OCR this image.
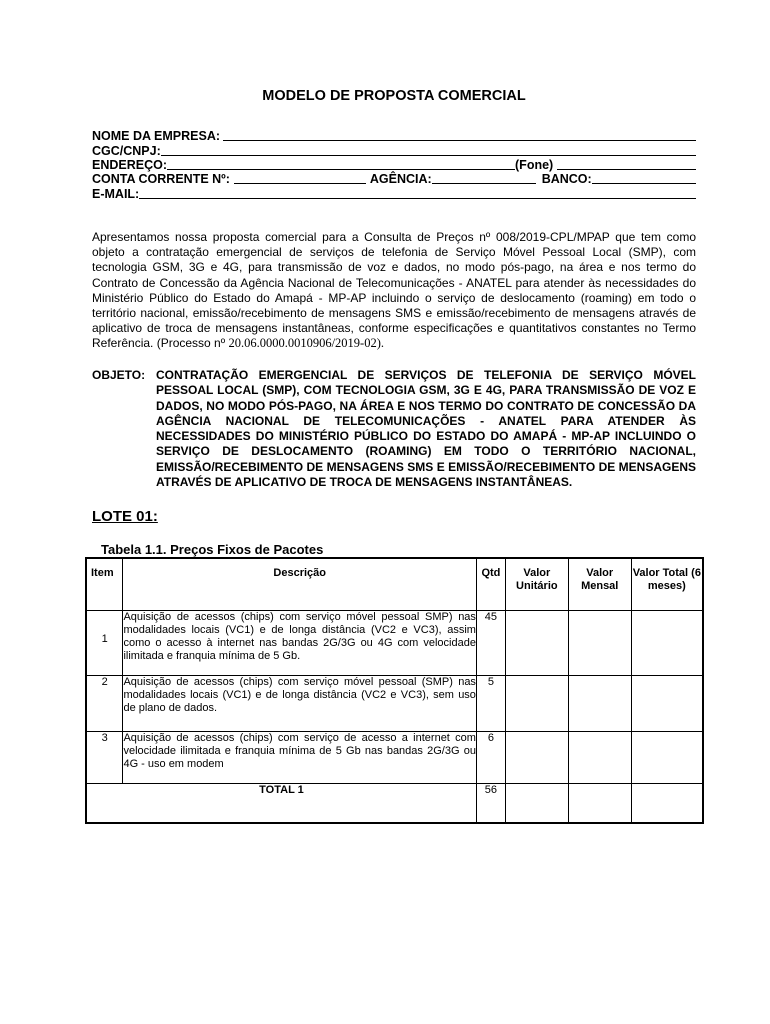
MODELO DE PROPOSTA COMERCIAL
NOME DA EMPRESA:
CGC/CNPJ:
ENDEREÇO:	(Fone)
CONTA CORRENTE Nº:	AGÊNCIA:	BANCO:
E-MAIL:
Apresentamos nossa proposta comercial para a Consulta de Preços nº 008/2019-CPL/MPAP que tem como objeto a contratação emergencial de serviços de telefonia de Serviço Móvel Pessoal Local (SMP), com tecnologia GSM, 3G e 4G, para transmissão de voz e dados, no modo pós-pago, na área e nos termo do Contrato de Concessão da Agência Nacional de Telecomunicações - ANATEL para atender às necessidades do Ministério Público do Estado do Amapá - MP-AP incluindo o serviço de deslocamento (roaming) em todo o território nacional, emissão/recebimento de mensagens SMS e emissão/recebimento de mensagens através de aplicativo de troca de mensagens instantâneas, conforme especificações e quantitativos constantes no Termo Referência. (Processo nº 20.06.0000.0010906/2019-02).
OBJETO: CONTRATAÇÃO EMERGENCIAL DE SERVIÇOS DE TELEFONIA DE SERVIÇO MÓVEL PESSOAL LOCAL (SMP), COM TECNOLOGIA GSM, 3G E 4G, PARA TRANSMISSÃO DE VOZ E DADOS, NO MODO PÓS-PAGO, NA ÁREA E NOS TERMO DO CONTRATO DE CONCESSÃO DA AGÊNCIA NACIONAL DE TELECOMUNICAÇÕES - ANATEL PARA ATENDER ÀS NECESSIDADES DO MINISTÉRIO PÚBLICO DO ESTADO DO AMAPÁ - MP-AP INCLUINDO O SERVIÇO DE DESLOCAMENTO (ROAMING) EM TODO O TERRITÓRIO NACIONAL, EMISSÃO/RECEBIMENTO DE MENSAGENS SMS E EMISSÃO/RECEBIMENTO DE MENSAGENS ATRAVÉS DE APLICATIVO DE TROCA DE MENSAGENS INSTANTÂNEAS.
LOTE 01:
Tabela 1.1. Preços Fixos de Pacotes
Item	Descrição	Qtd	Valor Unitário	Valor Mensal	Valor Total (6 meses)
1	Aquisição de acessos (chips) com serviço móvel pessoal SMP) nas modalidades locais (VC1) e de longa distância (VC2 e VC3), assim como o acesso à internet nas bandas 2G/3G ou 4G com velocidade ilimitada e franquia mínima de 5 Gb.	45			
2	Aquisição de acessos (chips) com serviço móvel pessoal (SMP) nas modalidades locais (VC1) e de longa distância (VC2 e VC3), sem uso de plano de dados.	5			
3	Aquisição de acessos (chips) com serviço de acesso a internet com velocidade ilimitada e franquia mínima de 5 Gb nas bandas 2G/3G ou 4G - uso em modem	6			
TOTAL 1		56			
